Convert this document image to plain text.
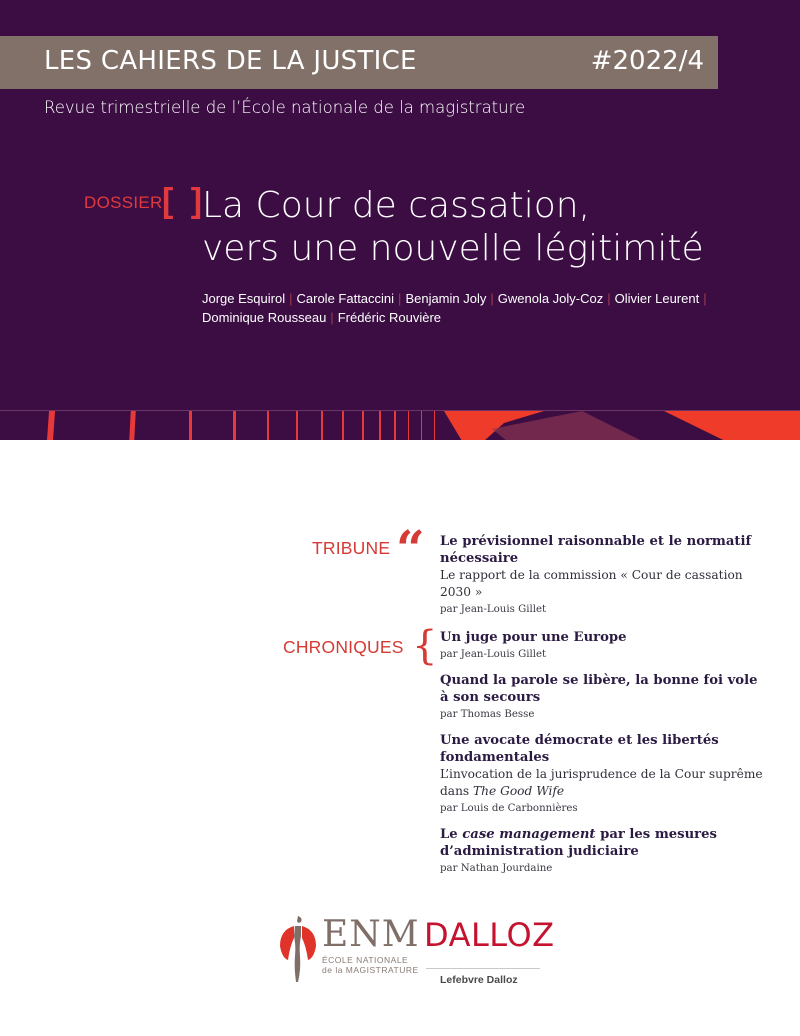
LES CAHIERS DE LA JUSTICE	#2022/4
Revue trimestrielle de l’École nationale de la magistrature
DOSSIER [ ]
La Cour de cassation,
vers une nouvelle légitimité
Jorge Esquirol | Carole Fattaccini | Benjamin Joly | Gwenola Joly-Coz | Olivier Leurent |
Dominique Rousseau | Frédéric Rouvière
TRIBUNE “ Le prévisionnel raisonnable et le normatif nécessaire
Le rapport de la commission « Cour de cassation 2030 »
par Jean-Louis Gillet
CHRONIQUES { Un juge pour une Europe
par Jean-Louis Gillet
Quand la parole se libère, la bonne foi vole
à son secours
par Thomas Besse
Une avocate démocrate et les libertés
fondamentales
L’invocation de la jurisprudence de la Cour suprême
dans The Good Wife
par Louis de Carbonnières
Le case management par les mesures
d’administration judiciaire
par Nathan Jourdaine
ENM
ÉCOLE NATIONALE
de la MAGISTRATURE
DALLOZ
Lefebvre Dalloz
